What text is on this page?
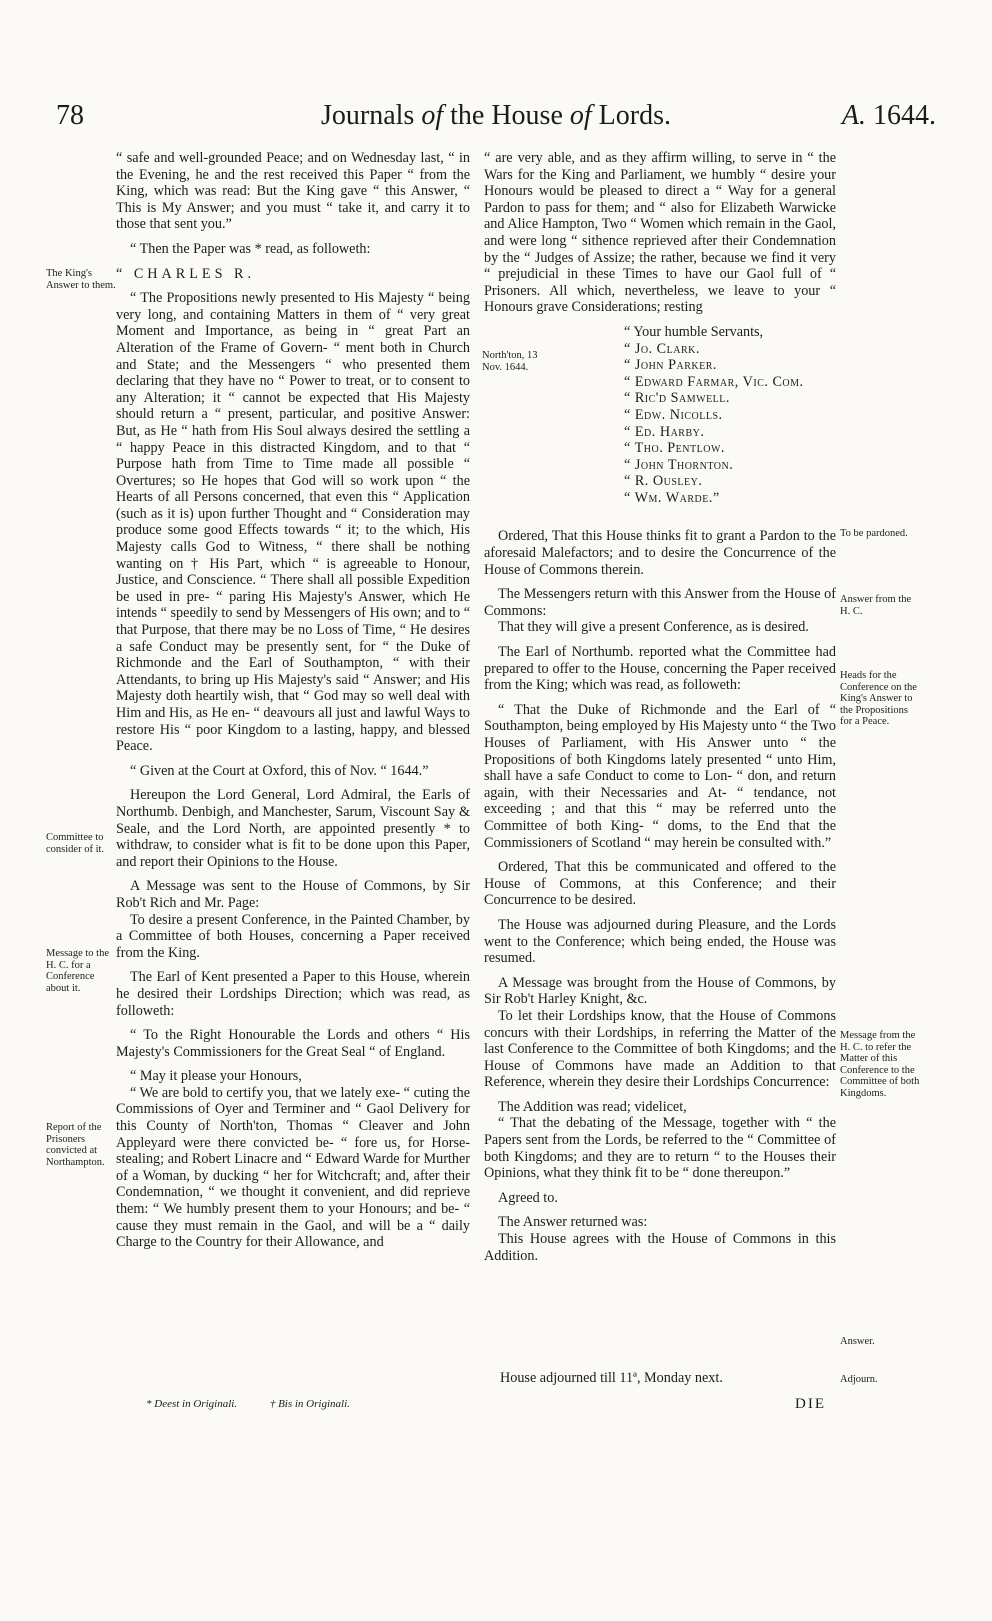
78	Journals of the House of Lords.	A. 1644.

“ safe and well-grounded Peace; and on Wednesday last, “ in the Evening, he and the rest received this Paper “ from the King, which was read: But the King gave “ this Answer, “ This is My Answer; and you must “ take it, and carry it to those that sent you.”

“ Then the Paper was * read, as followeth:

“ CHARLES R.

“ The Propositions newly presented to His Majesty “ being very long, and containing Matters in them of “ very great Moment and Importance, as being in “ great Part an Alteration of the Frame of Govern- “ ment both in Church and State; and the Messengers “ who presented them declaring that they have no “ Power to treat, or to consent to any Alteration; it “ cannot be expected that His Majesty should return a “ present, particular, and positive Answer: But, as He “ hath from His Soul always desired the settling a “ happy Peace in this distracted Kingdom, and to that “ Purpose hath from Time to Time made all possible “ Overtures; so He hopes that God will so work upon “ the Hearts of all Persons concerned, that even this “ Application (such as it is) upon further Thought and “ Consideration may produce some good Effects towards “ it; to the which, His Majesty calls God to Witness, “ there shall be nothing wanting on † His Part, which “ is agreeable to Honour, Justice, and Conscience. “ There shall all possible Expedition be used in pre- “ paring His Majesty's Answer, which He intends “ speedily to send by Messengers of His own; and to “ that Purpose, that there may be no Loss of Time, “ He desires a safe Conduct may be presently sent, for “ the Duke of Richmonde and the Earl of Southampton, “ with their Attendants, to bring up His Majesty's said “ Answer; and His Majesty doth heartily wish, that “ God may so well deal with Him and His, as He en- “ deavours all just and lawful Ways to restore His “ poor Kingdom to a lasting, happy, and blessed Peace.

“ Given at the Court at Oxford, this of Nov. “ 1644.”

Hereupon the Lord General, Lord Admiral, the Earls of Northumb. Denbigh, and Manchester, Sarum, Viscount Say & Seale, and the Lord North, are appointed presently * to withdraw, to consider what is fit to be done upon this Paper, and report their Opinions to the House.

A Message was sent to the House of Commons, by Sir Rob't Rich and Mr. Page:

To desire a present Conference, in the Painted Chamber, by a Committee of both Houses, concerning a Paper received from the King.

The Earl of Kent presented a Paper to this House, wherein he desired their Lordships Direction; which was read, as followeth:

“ To the Right Honourable the Lords and others “ His Majesty's Commissioners for the Great Seal “ of England.

“ May it please your Honours,

“ We are bold to certify you, that we lately exe- “ cuting the Commissions of Oyer and Terminer and “ Gaol Delivery for this County of North'ton, Thomas “ Cleaver and John Appleyard were there convicted be- “ fore us, for Horse-stealing; and Robert Linacre and “ Edward Warde for Murther of a Woman, by ducking “ her for Witchcraft; and, after their Condemnation, “ we thought it convenient, and did reprieve them: “ We humbly present them to your Honours; and be- “ cause they must remain in the Gaol, and will be a “ daily Charge to the Country for their Allowance, and

“ are very able, and as they affirm willing, to serve in “ the Wars for the King and Parliament, we humbly “ desire your Honours would be pleased to direct a “ Way for a general Pardon to pass for them; and “ also for Elizabeth Warwicke and Alice Hampton, Two “ Women which remain in the Gaol, and were long “ sithence reprieved after their Condemnation by the “ Judges of Assize; the rather, because we find it very “ prejudicial in these Times to have our Gaol full of “ Prisoners. All which, nevertheless, we leave to your “ Honours grave Considerations; resting

“ Your humble Servants,
“ Jo. Clark.
“ John Parker.
“ Edward Farmar, Vic. Com.
“ Ric'd Samwell.
“ Edw. Nicolls.
“ Ed. Harby.
“ Tho. Pentlow.
“ John Thornton.
“ R. Ousley.
“ Wm. Warde.”

Ordered, That this House thinks fit to grant a Pardon to the aforesaid Malefactors; and to desire the Concurrence of the House of Commons therein.

The Messengers return with this Answer from the House of Commons:

That they will give a present Conference, as is desired.

The Earl of Northumb. reported what the Committee had prepared to offer to the House, concerning the Paper received from the King; which was read, as followeth:

“ That the Duke of Richmonde and the Earl of “ Southampton, being employed by His Majesty unto “ the Two Houses of Parliament, with His Answer unto “ the Propositions of both Kingdoms lately presented “ unto Him, shall have a safe Conduct to come to Lon- “ don, and return again, with their Necessaries and At- “ tendance, not exceeding ; and that this “ may be referred unto the Committee of both King- “ doms, to the End that the Commissioners of Scotland “ may herein be consulted with.”

Ordered, That this be communicated and offered to the House of Commons, at this Conference; and their Concurrence to be desired.

The House was adjourned during Pleasure, and the Lords went to the Conference; which being ended, the House was resumed.

A Message was brought from the House of Commons, by Sir Rob't Harley Knight, &c.

To let their Lordships know, that the House of Commons concurs with their Lordships, in referring the Matter of the last Conference to the Committee of both Kingdoms; and the House of Commons have made an Addition to that Reference, wherein they desire their Lordships Concurrence:

The Addition was read; videlicet,

“ That the debating of the Message, together with “ the Papers sent from the Lords, be referred to the “ Committee of both Kingdoms; and they are to return “ to the Houses their Opinions, what they think fit to be “ done thereupon.”

Agreed to.

The Answer returned was:

This House agrees with the House of Commons in this Addition.

House adjourned till 11ª, Monday next.
The King's Answer to them.
Committee to consider of it.
Message to the H. C. for a Conference about it.
Report of the Prisoners convicted at Northampton.
North'ton, 13 Nov. 1644.
To be pardoned.
Answer from the H. C.
Heads for the Conference on the King's Answer to the Propositions for a Peace.
Message from the H. C. to refer the Matter of this Conference to the Committee of both Kingdoms.
Answer.
Adjourn.
* Deest in Originali.	† Bis in Originali.	DIE
